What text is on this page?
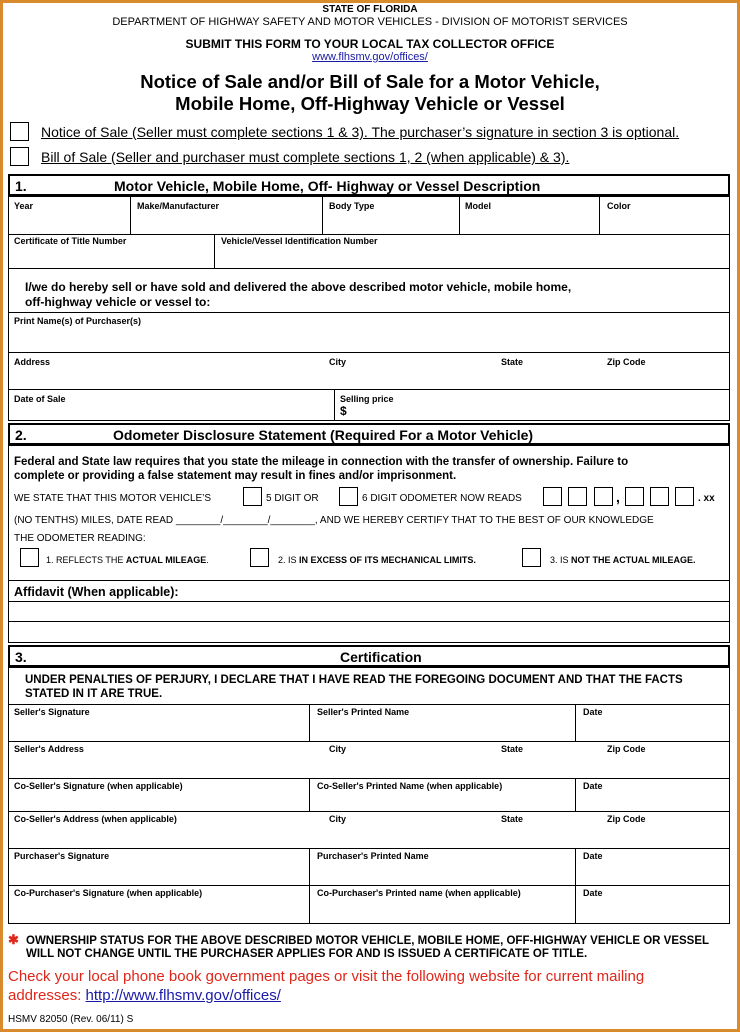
STATE OF FLORIDA
DEPARTMENT OF HIGHWAY SAFETY AND MOTOR VEHICLES - DIVISION OF MOTORIST SERVICES
SUBMIT THIS FORM TO YOUR LOCAL TAX COLLECTOR OFFICE
www.flhsmv.gov/offices/
Notice of Sale and/or Bill of Sale for a Motor Vehicle,
Mobile Home, Off-Highway Vehicle or Vessel
Notice of Sale (Seller must complete sections 1 & 3). The purchaser’s signature in section 3 is optional.
Bill of Sale (Seller and purchaser must complete sections 1, 2 (when applicable) & 3).
1.	Motor Vehicle, Mobile Home, Off- Highway or Vessel Description
Year	Make/Manufacturer	Body Type	Model	Color
Certificate of Title Number	Vehicle/Vessel Identification Number
I/we do hereby sell or have sold and delivered the above described motor vehicle, mobile home,
off-highway vehicle or vessel to:
Print Name(s) of Purchaser(s)
Address	City	State	Zip Code
Date of Sale	Selling price
$
2.	Odometer Disclosure Statement (Required For a Motor Vehicle)
Federal and State law requires that you state the mileage in connection with the transfer of ownership. Failure to
complete or providing a false statement may result in fines and/or imprisonment.
WE STATE THAT THIS MOTOR VEHICLE’S	5 DIGIT OR	6 DIGIT ODOMETER NOW READS	,	. xx
(NO TENTHS) MILES, DATE READ ________/________/________, AND WE HEREBY CERTIFY THAT TO THE BEST OF OUR KNOWLEDGE
THE ODOMETER READING:
1. REFLECTS THE ACTUAL MILEAGE.	2. IS IN EXCESS OF ITS MECHANICAL LIMITS.	3. IS NOT THE ACTUAL MILEAGE.
Affidavit (When applicable):
3.	Certification
UNDER PENALTIES OF PERJURY, I DECLARE THAT I HAVE READ THE FOREGOING DOCUMENT AND THAT THE FACTS
STATED IN IT ARE TRUE.
Seller's Signature	Seller's Printed Name	Date
Seller's Address	City	State	Zip Code
Co-Seller's Signature (when applicable)	Co-Seller's Printed Name (when applicable)	Date
Co-Seller's Address (when applicable)	City	State	Zip Code
Purchaser's Signature	Purchaser's Printed Name	Date
Co-Purchaser's Signature (when applicable)	Co-Purchaser's Printed name (when applicable)	Date
✱ OWNERSHIP STATUS FOR THE ABOVE DESCRIBED MOTOR VEHICLE, MOBILE HOME, OFF-HIGHWAY VEHICLE OR VESSEL
WILL NOT CHANGE UNTIL THE PURCHASER APPLIES FOR AND IS ISSUED A CERTIFICATE OF TITLE.
Check your local phone book government pages or visit the following website for current mailing
addresses: http://www.flhsmv.gov/offices/
HSMV 82050 (Rev. 06/11) S
